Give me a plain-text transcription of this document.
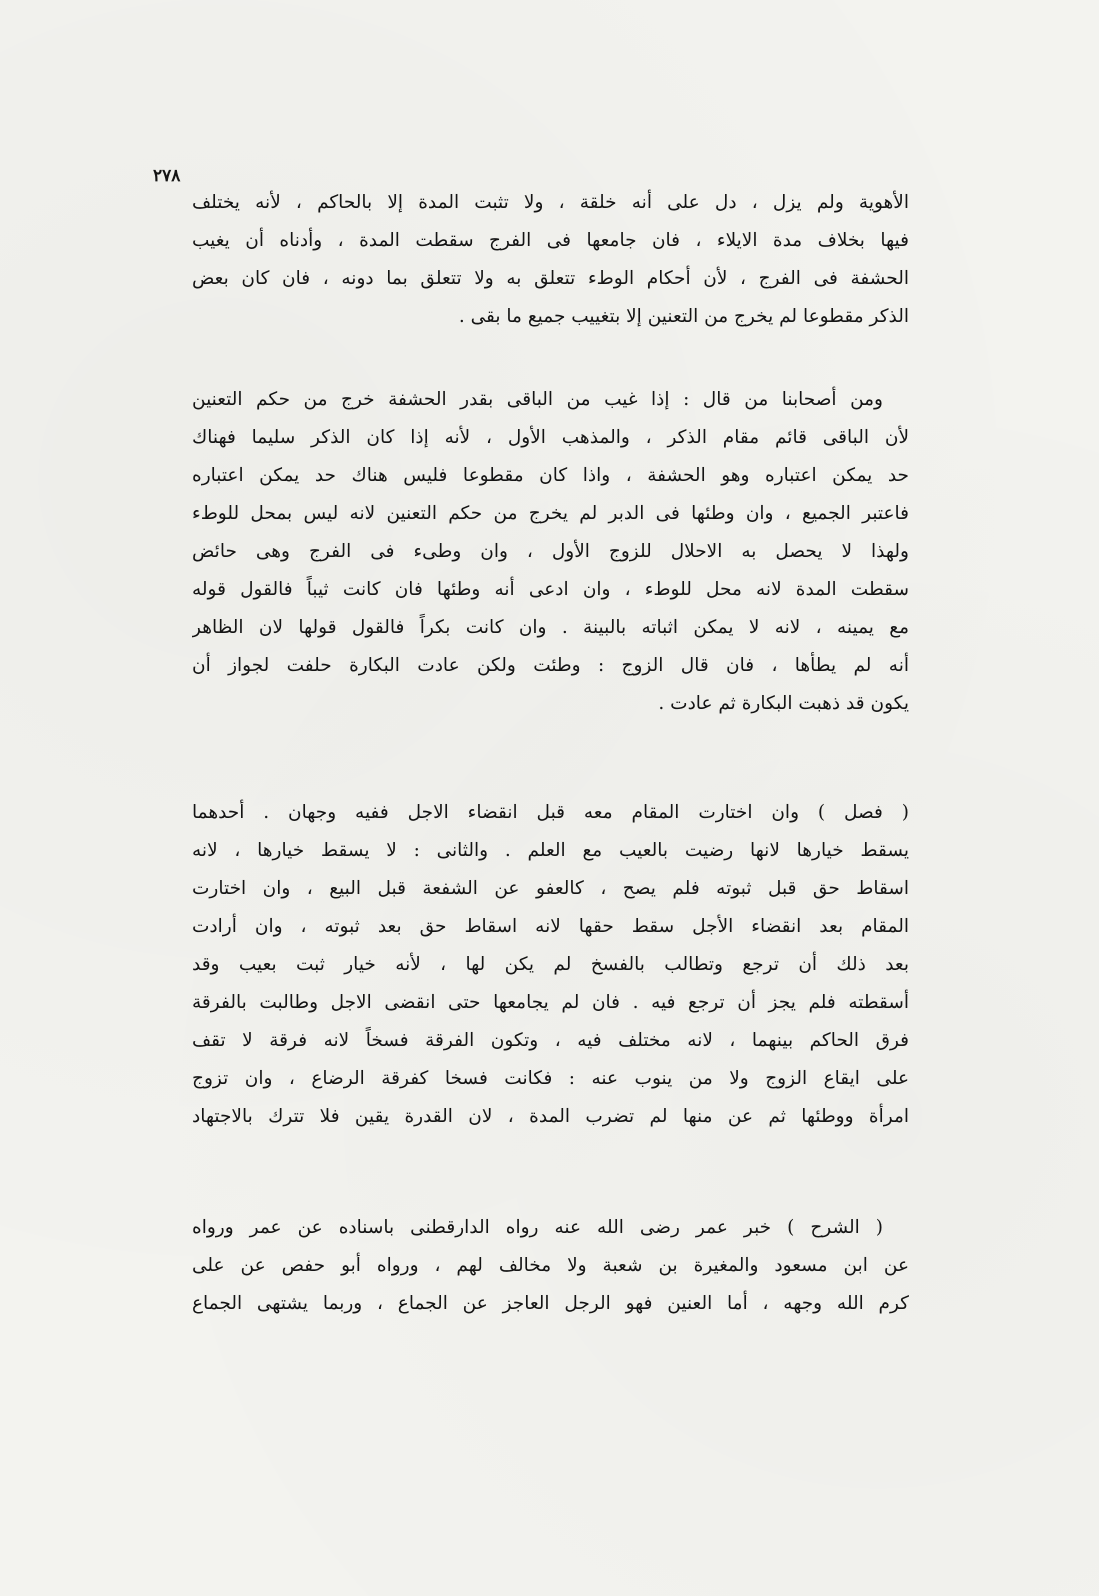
٢٧٨
الأهوية ولم يزل ، دل على أنه خلقة ، ولا تثبت المدة إلا بالحاكم ، لأنه يختلف
فيها بخلاف مدة الايلاء ، فان جامعها فى الفرج سقطت المدة ، وأدناه أن يغيب
الحشفة فى الفرج ، لأن أحكام الوطء تتعلق به ولا تتعلق بما دونه ، فان كان بعض
الذكر مقطوعا لم يخرج من التعنين إلا بتغييب جميع ما بقى .
ومن أصحابنا من قال : إذا غيب من الباقى بقدر الحشفة خرج من حكم التعنين
لأن الباقى قائم مقام الذكر ، والمذهب الأول ، لأنه إذا كان الذكر سليما فهناك
حد يمكن اعتباره وهو الحشفة ، واذا كان مقطوعا فليس هناك حد يمكن اعتباره
فاعتبر الجميع ، وان وطئها فى الدبر لم يخرج من حكم التعنين لانه ليس بمحل للوطء
ولهذا لا يحصل به الاحلال للزوج الأول ، وان وطىء فى الفرج وهى حائض
سقطت المدة لانه محل للوطء ، وان ادعى أنه وطئها فان كانت ثيباً فالقول قوله
مع يمينه ، لانه لا يمكن اثباته بالبينة . وان كانت بكراً فالقول قولها لان الظاهر
أنه لم يطأها ، فان قال الزوج : وطئت ولكن عادت البكارة حلفت لجواز أن
يكون قد ذهبت البكارة ثم عادت .
( فصل ) وان اختارت المقام معه قبل انقضاء الاجل ففيه وجهان . أحدهما
يسقط خيارها لانها رضيت بالعيب مع العلم . والثانى : لا يسقط خيارها ، لانه
اسقاط حق قبل ثبوته فلم يصح ، كالعفو عن الشفعة قبل البيع ، وان اختارت
المقام بعد انقضاء الأجل سقط حقها لانه اسقاط حق بعد ثبوته ، وان أرادت
بعد ذلك أن ترجع وتطالب بالفسخ لم يكن لها ، لأنه خيار ثبت بعيب وقد
أسقطته فلم يجز أن ترجع فيه . فان لم يجامعها حتى انقضى الاجل وطالبت بالفرقة
فرق الحاكم بينهما ، لانه مختلف فيه ، وتكون الفرقة فسخاً لانه فرقة لا تقف
على ايقاع الزوج ولا من ينوب عنه : فكانت فسخا كفرقة الرضاع ، وان تزوج
امرأة ووطئها ثم عن منها لم تضرب المدة ، لان القدرة يقين فلا تترك بالاجتهاد
( الشرح ) خبر عمر رضى الله عنه رواه الدارقطنى باسناده عن عمر ورواه
عن ابن مسعود والمغيرة بن شعبة ولا مخالف لهم ، ورواه أبو حفص عن على
كرم الله وجهه ، أما العنين فهو الرجل العاجز عن الجماع ، وربما يشتهى الجماع
